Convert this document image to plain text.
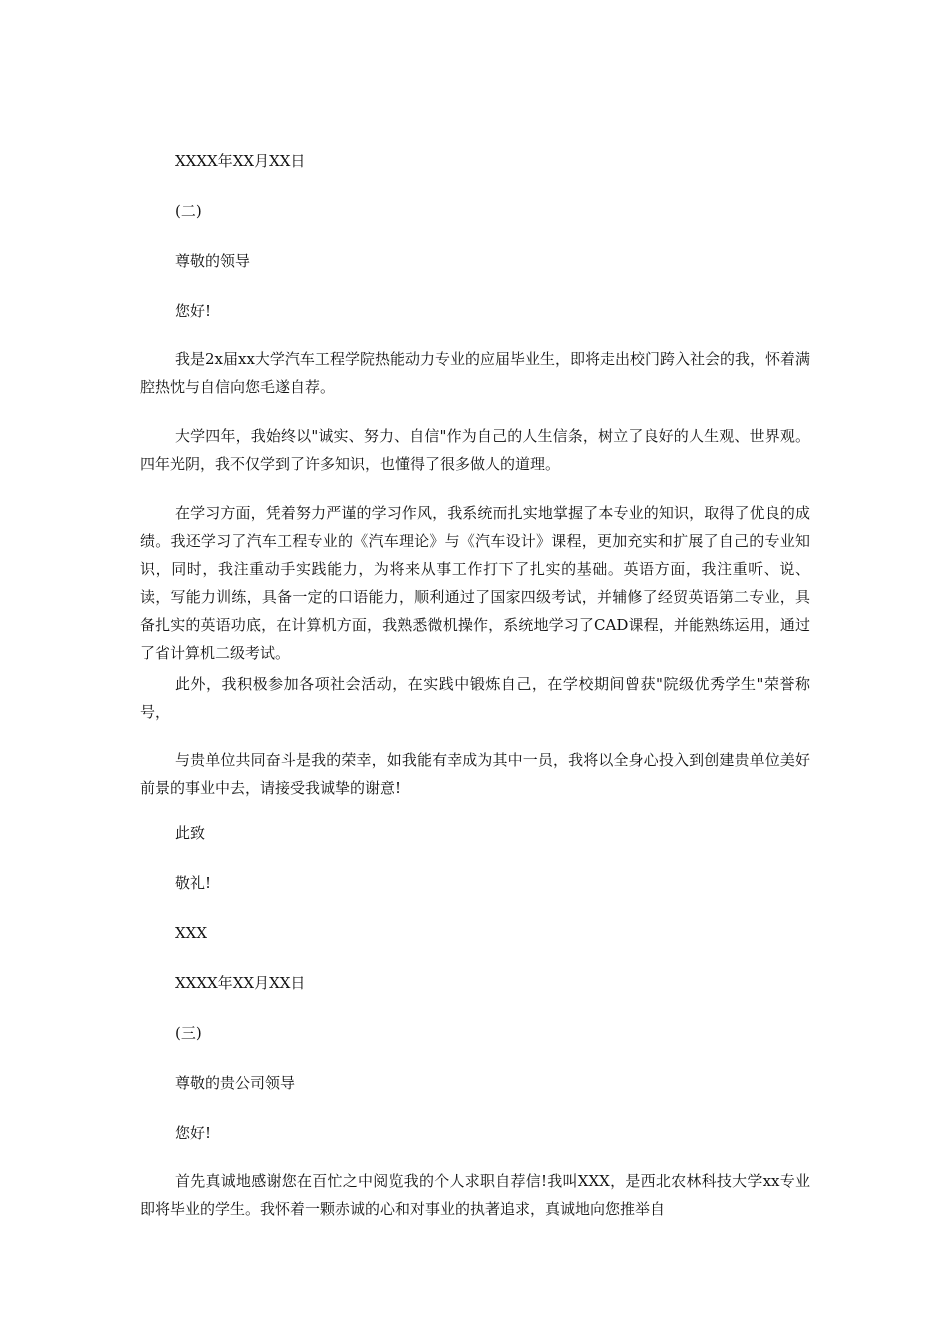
XXXX年XX月XX日
(二)
尊敬的领导
您好!
我是2x届xx大学汽车工程学院热能动力专业的应届毕业生，即将走出校门跨入社会的我，怀着满腔热忱与自信向您毛遂自荐。
大学四年，我始终以"诚实、努力、自信"作为自己的人生信条，树立了良好的人生观、世界观。四年光阴，我不仅学到了许多知识，也懂得了很多做人的道理。
在学习方面，凭着努力严谨的学习作风，我系统而扎实地掌握了本专业的知识，取得了优良的成绩。我还学习了汽车工程专业的《汽车理论》与《汽车设计》课程，更加充实和扩展了自己的专业知识，同时，我注重动手实践能力，为将来从事工作打下了扎实的基础。英语方面，我注重听、说、读，写能力训练，具备一定的口语能力，顺利通过了国家四级考试，并辅修了经贸英语第二专业，具备扎实的英语功底，在计算机方面，我熟悉微机操作，系统地学习了CAD课程，并能熟练运用，通过了省计算机二级考试。
此外，我积极参加各项社会活动，在实践中锻炼自己，在学校期间曾获"院级优秀学生"荣誉称号，
与贵单位共同奋斗是我的荣幸，如我能有幸成为其中一员，我将以全身心投入到创建贵单位美好前景的事业中去，请接受我诚挚的谢意!
此致
敬礼!
XXX
XXXX年XX月XX日
(三)
尊敬的贵公司领导
您好!
首先真诚地感谢您在百忙之中阅览我的个人求职自荐信!我叫XXX，是西北农林科技大学xx专业即将毕业的学生。我怀着一颗赤诚的心和对事业的执著追求，真诚地向您推举自
